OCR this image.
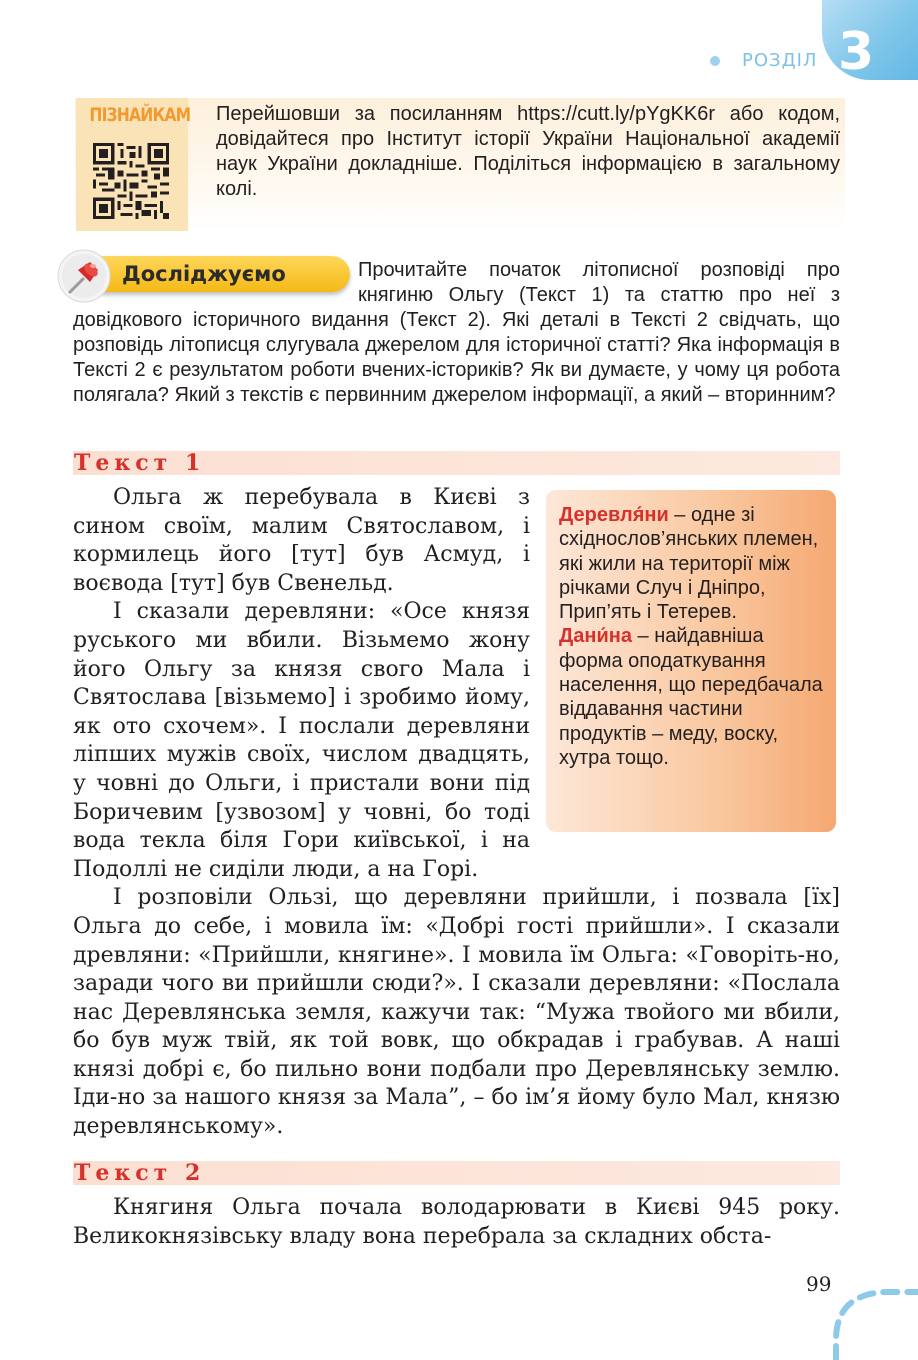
3
РОЗДІЛ
ПІЗНАЙКАМ Перейшовши за посиланням https://cutt.ly/pYgKK6r або кодом, довідайтеся про Інститут історії України Національної академії наук України докладніше. Поділіться інформацією в загальному колі.
Досліджуємо	Прочитайте початок літописної розповіді про княгиню Ольгу (Текст 1) та статтю про неї з довідкового історичного видання (Текст 2). Які деталі в Тексті 2 свідчать, що розповідь літописця слугувала джерелом для історичної статті? Яка інформація в Тексті 2 є результатом роботи вчених-істориків? Як ви думаєте, у чому ця робота полягала? Який з текстів є первинним джерелом інформації, а який – вторинним?
Текст 1
Деревля́ни – одне зі східнослов’янських племен, які жили на території між річками Случ і Дніпро, Прип’ять і Тетерев.
Дани́на – найдавніша форма оподаткування населення, що передбачала віддавання частини продуктів – меду, воску, хутра тощо.

Ольга ж перебувала в Києві з сином своїм, малим Святославом, і кормилець його [тут] був Асмуд, і воєвода [тут] був Свенельд.

І сказали деревляни: «Осе князя руського ми вбили. Візьмемо жону його Ольгу за князя свого Мала і Святослава [візьмемо] і зробимо йому, як ото схочем». І послали деревляни ліпших мужів своїх, числом двадцять, у човні до Ольги, і пристали вони під Боричевим [узвозом] у човні, бо тоді вода текла біля Гори київської, і на Подоллі не сиділи люди, а на Горі.

І розповіли Ользі, що деревляни прийшли, і позвала [їх] Ольга до себе, і мовила їм: «Добрі гості прийшли». І сказали древляни: «Прийшли, княгине». І мовила їм Ольга: «Говоріть-но, заради чого ви прийшли сюди?». І сказали деревляни: «Послала нас Деревлянська земля, кажучи так: “Мужа твойого ми вбили, бо був муж твій, як той вовк, що обкрадав і грабував. А наші князі добрі є, бо пильно вони подбали про Деревлянську землю. Іди-но за нашого князя за Мала”, – бо ім’я йому було Мал, князю деревлянському».

Текст 2

Княгиня Ольга почала володарювати в Києві 945 року. Великокнязівську владу вона перебрала за складних обста-

99
